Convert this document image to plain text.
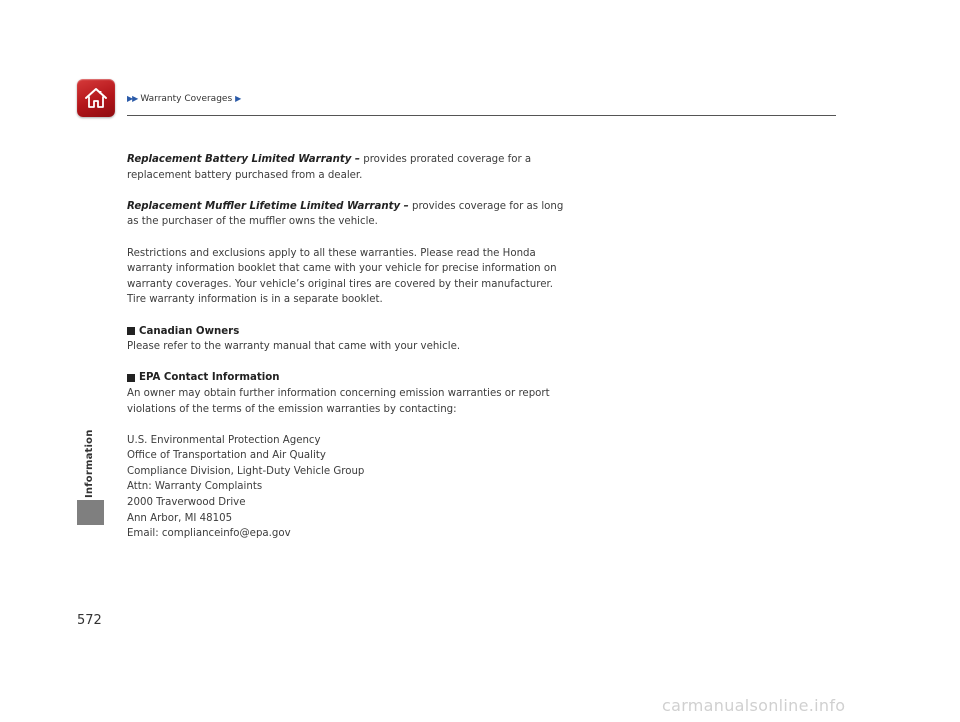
▶▶ Warranty Coverages ▶
Information

Replacement Battery Limited Warranty – provides prorated coverage for a replacement battery purchased from a dealer.

Replacement Muffler Lifetime Limited Warranty – provides coverage for as long as the purchaser of the muffler owns the vehicle.

Restrictions and exclusions apply to all these warranties. Please read the Honda warranty information booklet that came with your vehicle for precise information on warranty coverages. Your vehicle’s original tires are covered by their manufacturer. Tire warranty information is in a separate booklet.

Canadian Owners

Please refer to the warranty manual that came with your vehicle.

EPA Contact Information

An owner may obtain further information concerning emission warranties or report violations of the terms of the emission warranties by contacting:

U.S. Environmental Protection Agency
Office of Transportation and Air Quality
Compliance Division, Light-Duty Vehicle Group
Attn: Warranty Complaints
2000 Traverwood Drive
Ann Arbor, MI 48105
Email: complianceinfo@epa.gov
572
carmanualsonline.info
